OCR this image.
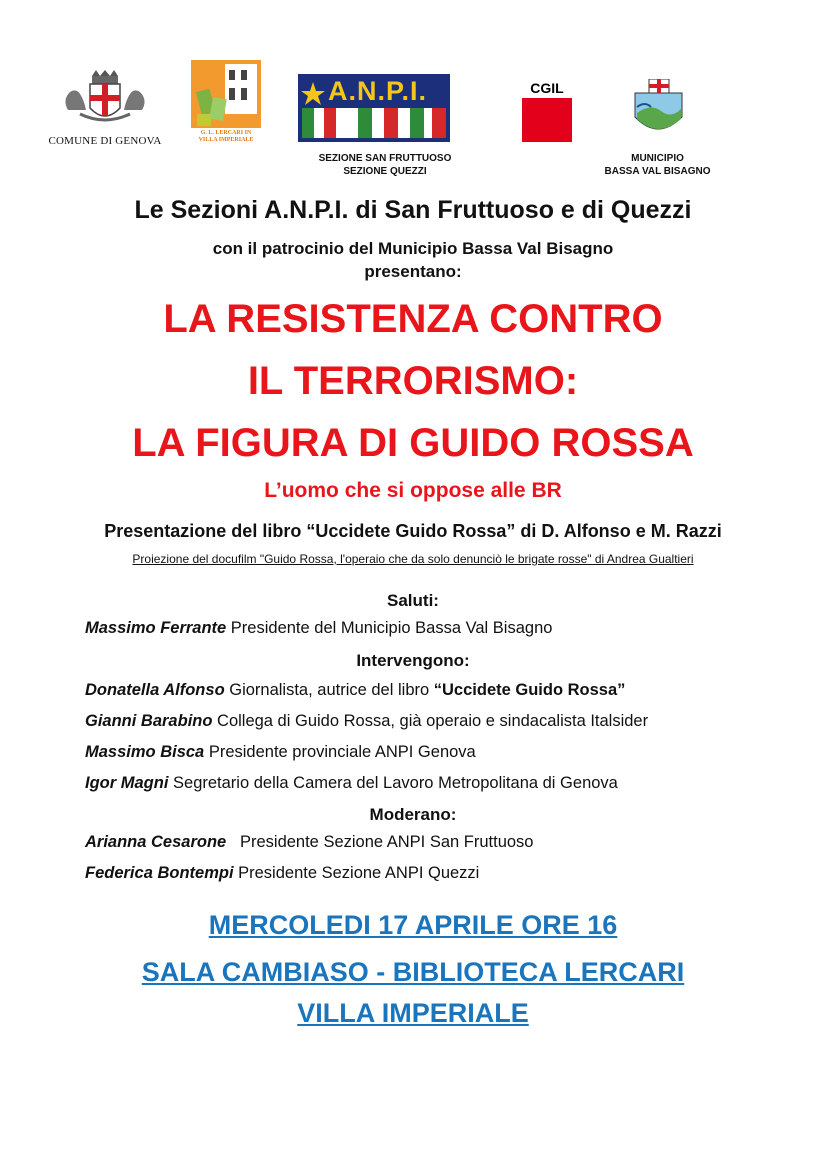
COMUNE DI GENOVA
G. L. LERCARI IN VILLA IMPERIALE
A.N.P.I.	CGIL
SEZIONE SAN FRUTTUOSO
SEZIONE QUEZZI
MUNICIPIO
BASSA VAL BISAGNO
Le Sezioni A.N.P.I. di San Fruttuoso e di Quezzi
con il patrocinio del Municipio Bassa Val Bisagno
presentano:
LA RESISTENZA CONTRO
IL TERRORISMO:
LA FIGURA DI GUIDO ROSSA
L’uomo che si oppose alle BR
Presentazione del libro “Uccidete Guido Rossa” di D. Alfonso e M. Razzi
Proiezione del docufilm "Guido Rossa, l'operaio che da solo denunciò le brigate rosse" di Andrea Gualtieri
Saluti:
Massimo Ferrante Presidente del Municipio Bassa Val Bisagno
Intervengono:
Donatella Alfonso Giornalista, autrice del libro “Uccidete Guido Rossa”
Gianni Barabino Collega di Guido Rossa, già operaio e sindacalista Italsider
Massimo Bisca Presidente provinciale ANPI Genova
Igor Magni Segretario della Camera del Lavoro Metropolitana di Genova
Moderano:
Arianna Cesarone   Presidente Sezione ANPI San Fruttuoso
Federica Bontempi Presidente Sezione ANPI Quezzi
MERCOLEDI 17 APRILE ORE 16
SALA CAMBIASO - BIBLIOTECA LERCARI
VILLA IMPERIALE
